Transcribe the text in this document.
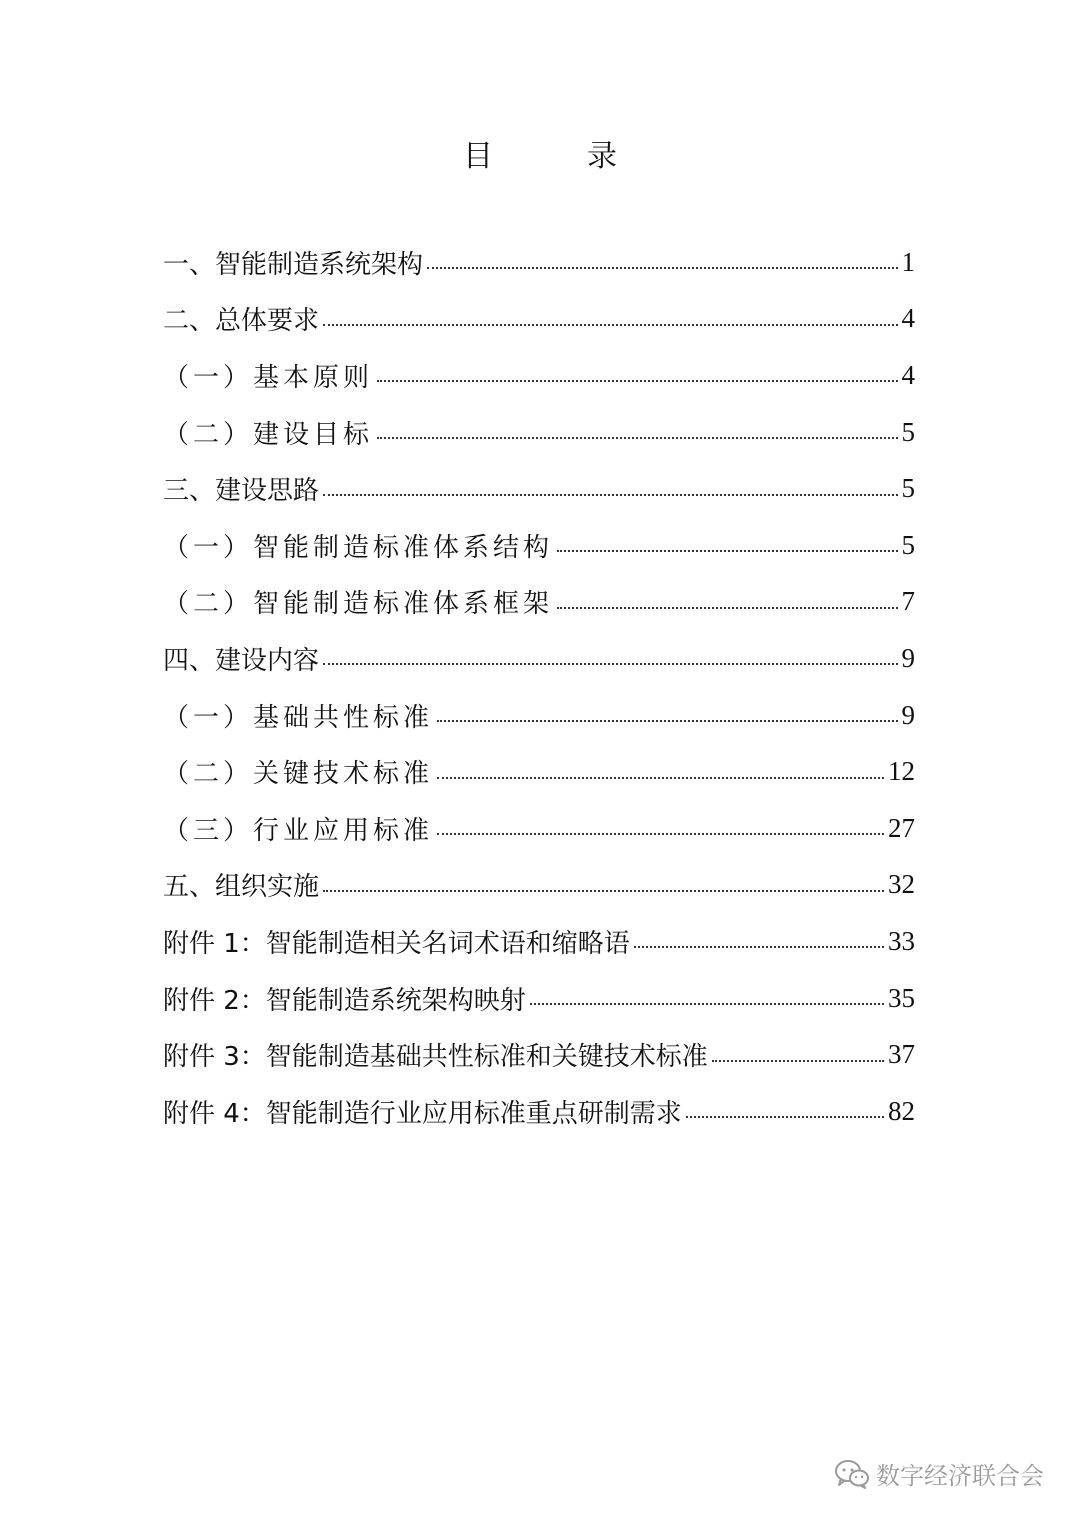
目　录
一、智能制造系统架构	1
二、总体要求	4
（一）基本原则	4
（二）建设目标	5
三、建设思路	5
（一）智能制造标准体系结构	5
（二）智能制造标准体系框架	7
四、建设内容	9
（一）基础共性标准	9
（二）关键技术标准	12
（三）行业应用标准	27
五、组织实施	32
附件 1：智能制造相关名词术语和缩略语	33
附件 2：智能制造系统架构映射	35
附件 3：智能制造基础共性标准和关键技术标准	37
附件 4：智能制造行业应用标准重点研制需求	82
数字经济联合会
